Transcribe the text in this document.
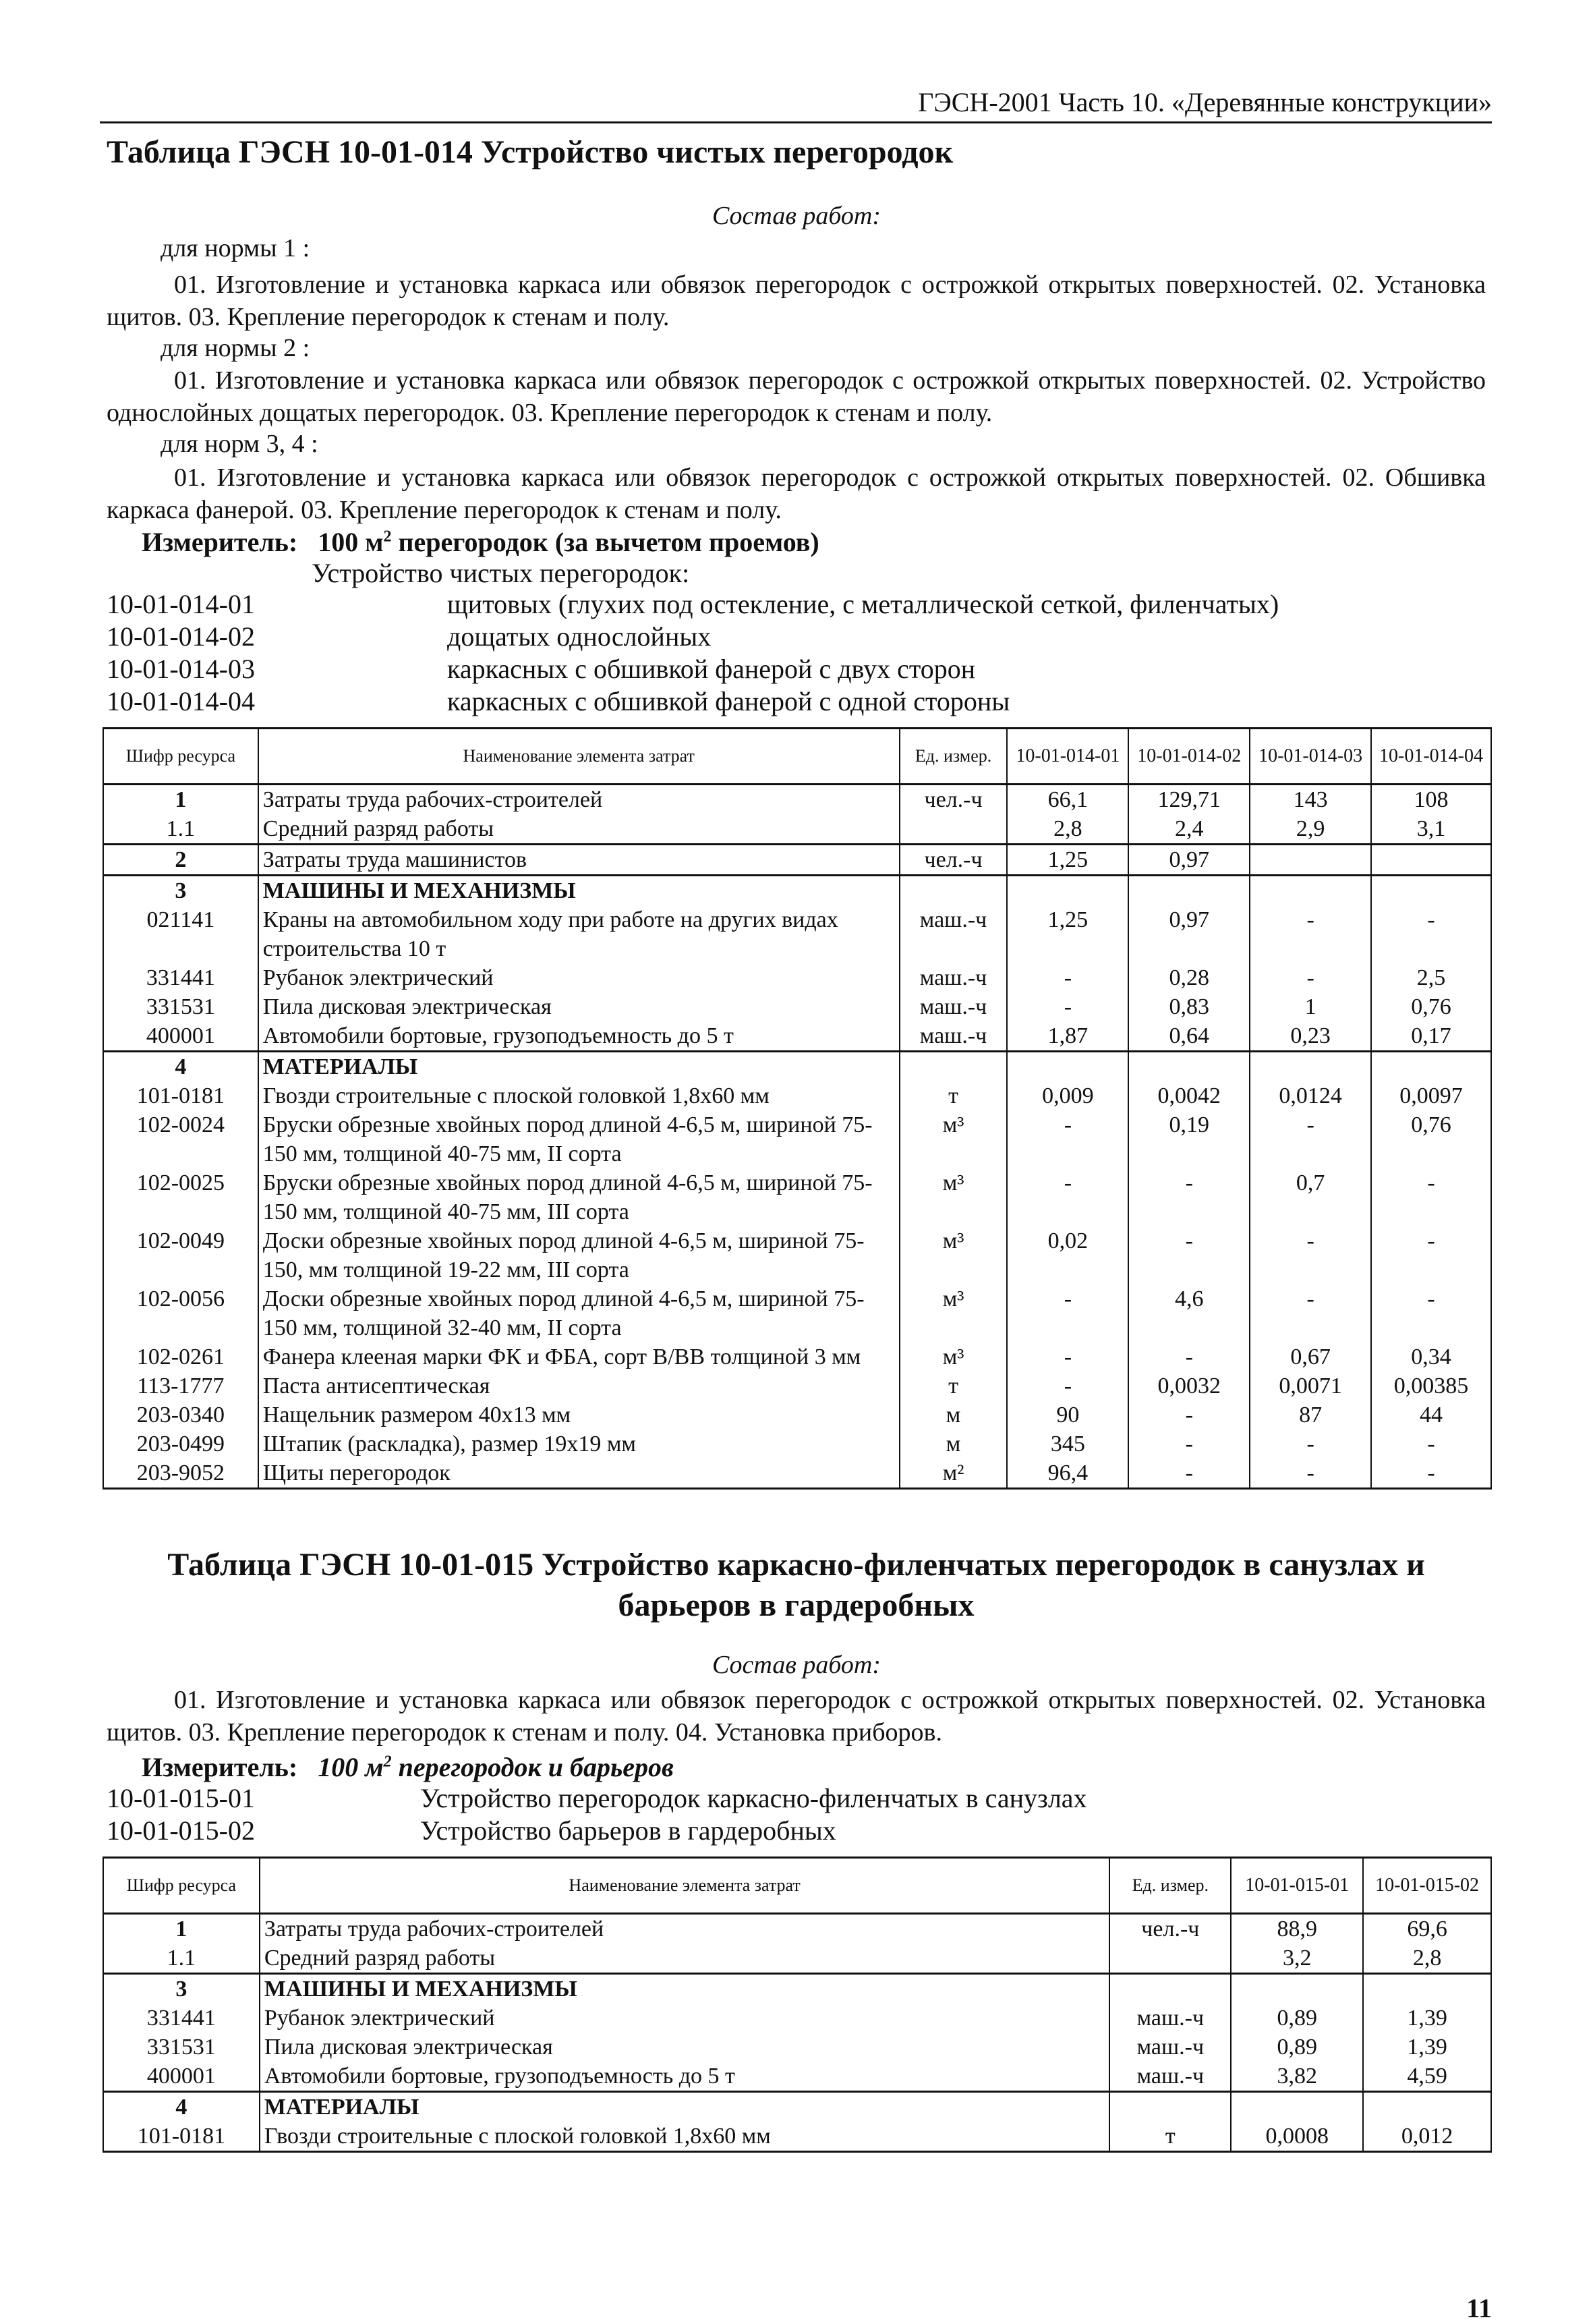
ГЭСН-2001 Часть 10. «Деревянные конструкции»
Таблица ГЭСН 10-01-014 Устройство чистых перегородок
Состав работ:
для нормы 1 :
01. Изготовление и установка каркаса или обвязок перегородок с острожкой открытых поверхностей. 02. Установка щитов. 03. Крепление перегородок к стенам и полу.
для нормы 2 :
01. Изготовление и установка каркаса или обвязок перегородок с острожкой открытых поверхностей. 02. Устройство однослойных дощатых перегородок. 03. Крепление перегородок к стенам и полу.
для норм 3, 4 :
01. Изготовление и установка каркаса или обвязок перегородок с острожкой открытых поверхностей. 02. Обшивка каркаса фанерой. 03. Крепление перегородок к стенам и полу.
Измеритель: 100 $м^2$ перегородок (за вычетом проемов)
Устройство чистых перегородок:
10-01-014-01	щитовых (глухих под остекление, с металлической сеткой, филенчатых)
10-01-014-02	дощатых однослойных
10-01-014-03	каркасных с обшивкой фанерой с двух сторон
10-01-014-04	каркасных с обшивкой фанерой с одной стороны
Шифр ресурса	Наименование элемента затрат	Ед. измер.	10-01-014-01	10-01-014-02	10-01-014-03	10-01-014-04
1	Затраты труда рабочих-строителей	чел.-ч	66,1	129,71	143	108
1.1	Средний разряд работы		2,8	2,4	2,9	3,1
2	Затраты труда машинистов	чел.-ч	1,25	0,97		
3	МАШИНЫ И МЕХАНИЗМЫ					
021141	Краны на автомобильном ходу при работе на других видах строительства 10 т	маш.-ч	1,25	0,97	-	-
331441	Рубанок электрический	маш.-ч	-	0,28	-	2,5
331531	Пила дисковая электрическая	маш.-ч	-	0,83	1	0,76
400001	Автомобили бортовые, грузоподъемность до 5 т	маш.-ч	1,87	0,64	0,23	0,17
4	МАТЕРИАЛЫ					
101-0181	Гвозди строительные с плоской головкой 1,8x60 мм	т	0,009	0,0042	0,0124	0,0097
102-0024	Бруски обрезные хвойных пород длиной 4-6,5 м, шириной 75-150 мм, толщиной 40-75 мм, II сорта	м³	-	0,19	-	0,76
102-0025	Бруски обрезные хвойных пород длиной 4-6,5 м, шириной 75-150 мм, толщиной 40-75 мм, III сорта	м³	-	-	0,7	-
102-0049	Доски обрезные хвойных пород длиной 4-6,5 м, шириной 75-150, мм толщиной 19-22 мм, III сорта	м³	0,02	-	-	-
102-0056	Доски обрезные хвойных пород длиной 4-6,5 м, шириной 75-150 мм, толщиной 32-40 мм, II сорта	м³	-	4,6	-	-
102-0261	Фанера клееная марки ФК и ФБА, сорт В/ВВ толщиной 3 мм	м³	-	-	0,67	0,34
113-1777	Паста антисептическая	т	-	0,0032	0,0071	0,00385
203-0340	Нащельник размером 40x13 мм	м	90	-	87	44
203-0499	Штапик (раскладка), размер 19x19 мм	м	345	-	-	-
203-9052	Щиты перегородок	м²	96,4	-	-	-
Таблица ГЭСН 10-01-015 Устройство каркасно-филенчатых перегородок в санузлах и
барьеров в гардеробных
Состав работ:
01. Изготовление и установка каркаса или обвязок перегородок с острожкой открытых поверхностей. 02. Установка щитов. 03. Крепление перегородок к стенам и полу. 04. Установка приборов.
Измеритель: 100 $м^2$ перегородок и барьеров
10-01-015-01	Устройство перегородок каркасно-филенчатых в санузлах
10-01-015-02	Устройство барьеров в гардеробных
Шифр ресурса	Наименование элемента затрат	Ед. измер.	10-01-015-01	10-01-015-02
1	Затраты труда рабочих-строителей	чел.-ч	88,9	69,6
1.1	Средний разряд работы		3,2	2,8
3	МАШИНЫ И МЕХАНИЗМЫ			
331441	Рубанок электрический	маш.-ч	0,89	1,39
331531	Пила дисковая электрическая	маш.-ч	0,89	1,39
400001	Автомобили бортовые, грузоподъемность до 5 т	маш.-ч	3,82	4,59
4	МАТЕРИАЛЫ			
101-0181	Гвозди строительные с плоской головкой 1,8x60 мм	т	0,0008	0,012
11
